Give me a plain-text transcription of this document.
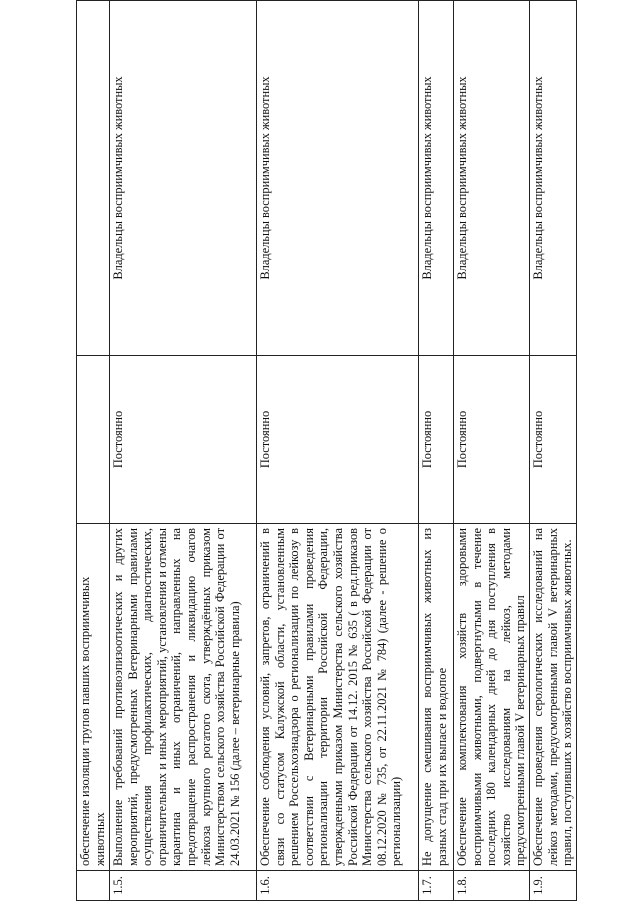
	обеспечение изоляции трупов павших восприимчивых животных		
1.5.	Выполнение требований противоэпизоотических и других мероприятий, предусмотренных Ветеринарными правилами осуществления профилактических, диагностических, ограничительных и иных мероприятий, установления и отмены карантина и иных ограничений, направленных на предотвращение распространения и ликвидацию очагов лейкоза крупного рогатого скота, утверждённых приказом Министерством сельского хозяйства Российской Федерации от 24.03.2021 № 156 (далее – ветеринарные правила)	Постоянно	Владельцы восприимчивых животных
1.6.	Обеспечение соблюдения условий, запретов, ограничений в связи со статусом Калужской области, установленным решением Россельхознадзора о регионализации по лейкозу в соответствии с Ветеринарными правилами проведения регионализации территории Российской Федерации, утвержденными приказом Министерства сельского хозяйства Российской Федерации от 14.12. 2015 № 635 ( в ред.приказов Министерства сельского хозяйства Российской Федерации от 08.12.2020 № 735, от 22.11.2021 № 784) (далее - решение о регионализации)	Постоянно	Владельцы восприимчивых животных
1.7.	Не допущение смешивания восприимчивых животных из разных стад при их выпасе и водопое	Постоянно	Владельцы восприимчивых животных
1.8.	Обеспечение комплектования хозяйств здоровыми восприимчивыми животными, подвергнутыми в течение последних 180 календарных дней до дня поступления в хозяйство исследованиям на лейкоз, методами предусмотренными главой V ветеринарных правил	Постоянно	Владельцы восприимчивых животных
1.9.	Обеспечение проведения серологических исследований на лейкоз методами, предусмотренными главой V ветеринарных правил, поступивших в хозяйство восприимчивых животных.	Постоянно	Владельцы восприимчивых животных
